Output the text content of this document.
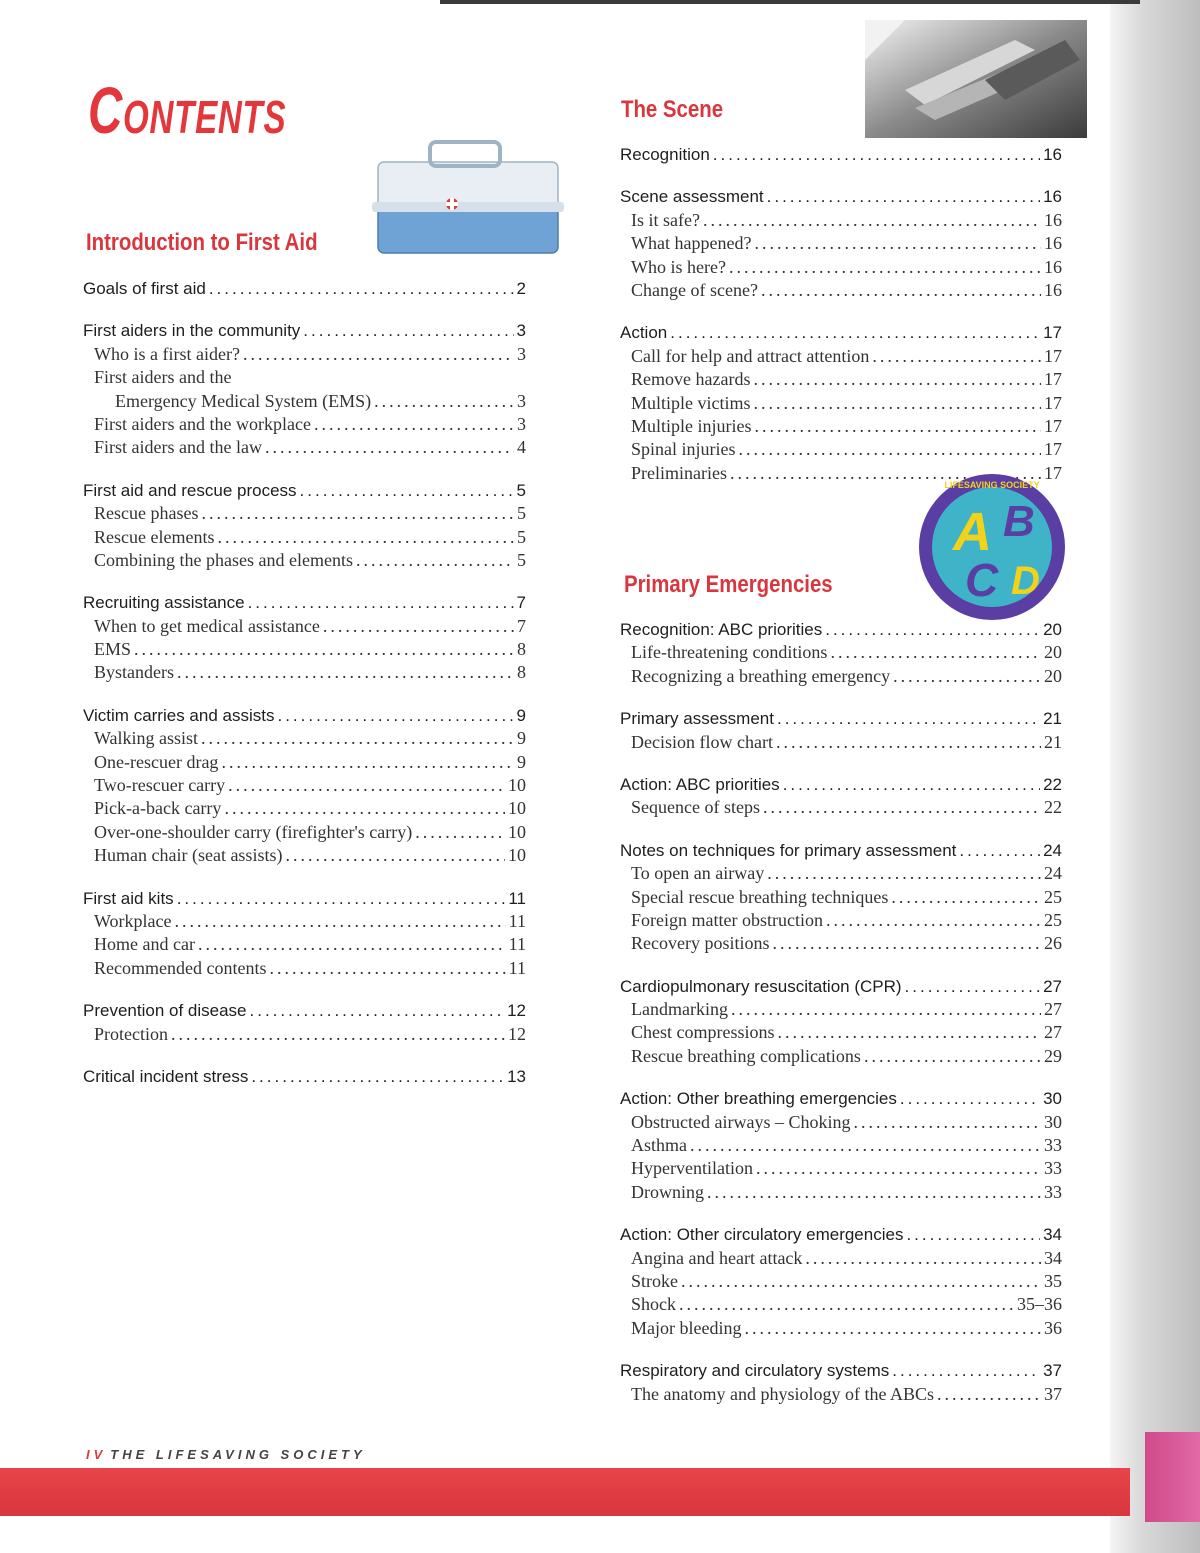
Contents
Introduction to First Aid
Goals of first aid .....	2
First aiders in the community .....	3
Who is a first aider? .....	3
First aiders and the
Emergency Medical System (EMS) .....	3
First aiders and the workplace .....	3
First aiders and the law .....	4
First aid and rescue process .....	5
Rescue phases .....	5
Rescue elements .....	5
Combining the phases and elements .....	5
Recruiting assistance .....	7
When to get medical assistance .....	7
EMS .....	8
Bystanders .....	8
Victim carries and assists .....	9
Walking assist .....	9
One-rescuer drag .....	9
Two-rescuer carry .....	10
Pick-a-back carry .....	10
Over-one-shoulder carry (firefighter's carry) .....	10
Human chair (seat assists) .....	10
First aid kits .....	11
Workplace .....	11
Home and car .....	11
Recommended contents .....	11
Prevention of disease .....	12
Protection .....	12
Critical incident stress .....	13
The Scene
Recognition .....	16
Scene assessment .....	16
Is it safe? .....	16
What happened? .....	16
Who is here? .....	16
Change of scene? .....	16
Action .....	17
Call for help and attract attention .....	17
Remove hazards .....	17
Multiple victims .....	17
Multiple injuries .....	17
Spinal injuries .....	17
Preliminaries .....	17
LIFESAVING SOCIETY
A B
C D
Primary Emergencies
Recognition: ABC priorities .....	20
Life-threatening conditions .....	20
Recognizing a breathing emergency .....	20
Primary assessment .....	21
Decision flow chart .....	21
Action: ABC priorities .....	22
Sequence of steps .....	22
Notes on techniques for primary assessment .....	24
To open an airway .....	24
Special rescue breathing techniques .....	25
Foreign matter obstruction .....	25
Recovery positions .....	26
Cardiopulmonary resuscitation (CPR) .....	27
Landmarking .....	27
Chest compressions .....	27
Rescue breathing complications .....	29
Action: Other breathing emergencies .....	30
Obstructed airways – Choking .....	30
Asthma .....	33
Hyperventilation .....	33
Drowning .....	33
Action: Other circulatory emergencies .....	34
Angina and heart attack .....	34
Stroke .....	35
Shock .....	35–36
Major bleeding .....	36
Respiratory and circulatory systems .....	37
The anatomy and physiology of the ABCs .....	37
IV THE LIFESAVING SOCIETY
